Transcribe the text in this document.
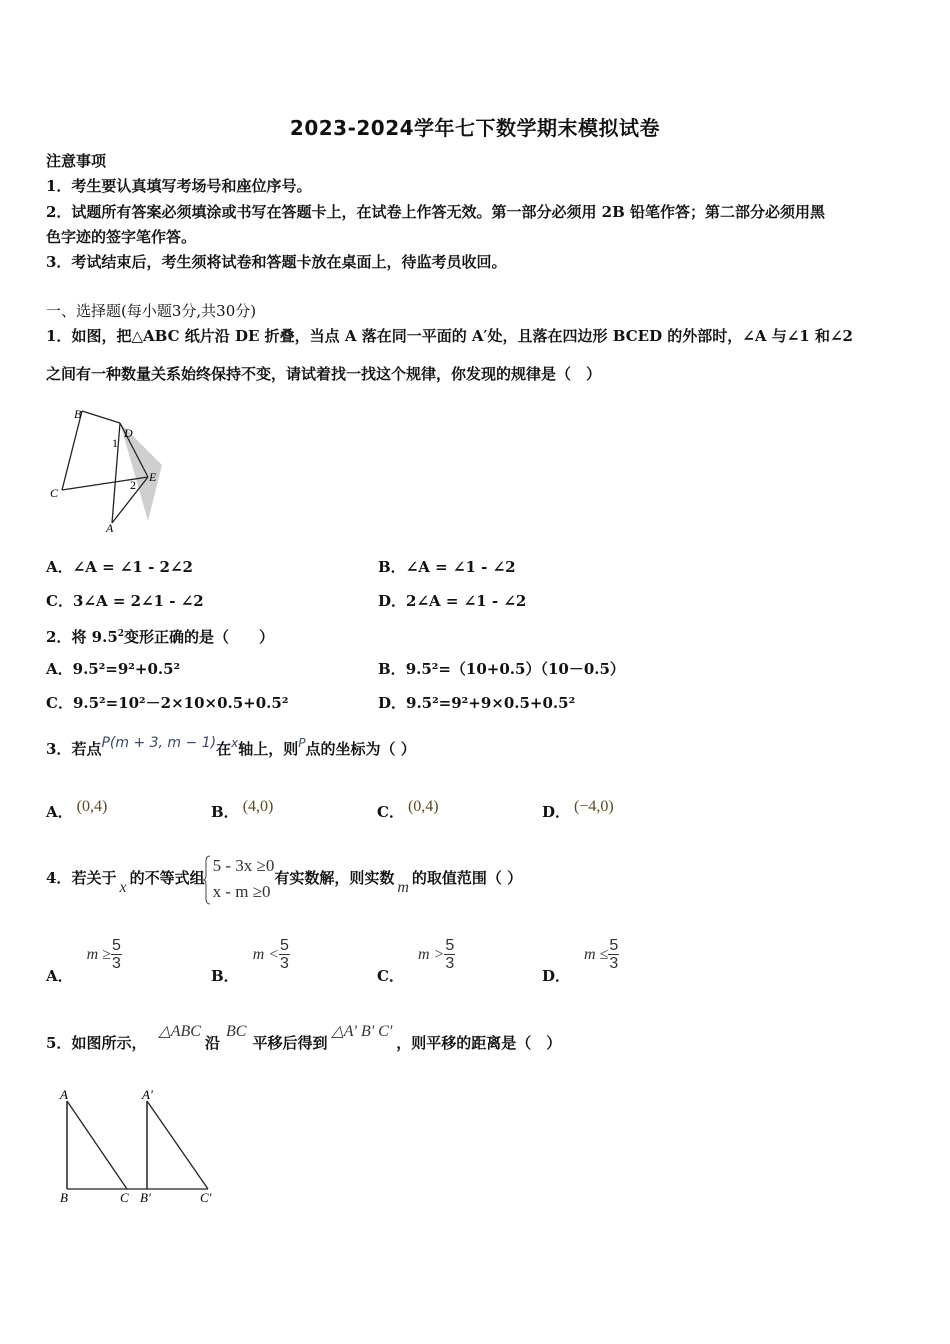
2023-2024学年七下数学期末模拟试卷
注意事项
1．考生要认真填写考场号和座位序号。
2．试题所有答案必须填涂或书写在答题卡上，在试卷上作答无效。第一部分必须用 2B 铅笔作答；第二部分必须用黑
色字迹的签字笔作答。
3．考试结束后，考生须将试卷和答题卡放在桌面上，待监考员收回。
一、选择题(每小题3分,共30分)
1．如图，把△ABC 纸片沿 DE 折叠，当点 A 落在同一平面的 A′处，且落在四边形 BCED 的外部时，∠A 与∠1 和∠2
之间有一种数量关系始终保持不变，请试着找一找这个规律，你发现的规律是（　）
B
D
1
C
E
2
A
A．∠A = ∠1 - 2∠2	B．∠A = ∠1 - ∠2
C．3∠A = 2∠1 - ∠2	D．2∠A = ∠1 - ∠2
2．将 $9.5^2$变形正确的是（　　）
A．9.5²=9²+0.5²	B．9.5²=（10+0.5）（10－0.5）
C．9.5²=10²－2×10×0.5+0.5²	D．9.5²=9²+9×0.5+0.5²
3．若点P(m + 3, m − 1)在$^x$轴上，则$^P$点的坐标为（ ）
A． (0,4)	B． (4,0)	C． (0,4)	D． (−4,0)
4．若关于x的不等式组
5 - 3x ≥0
x - m ≥0
有实数解，则实数m的取值范围（ ）
A．$m \ge \frac{5}{3}$
B．$m < \frac{5}{3}$
C．$m > \frac{5}{3}$
D．$m \le \frac{5}{3}$
5．如图所示，△ABC沿BC平移后得到△A' B' C'，则平移的距离是（　）
A
B	C
A'
B'	C'
